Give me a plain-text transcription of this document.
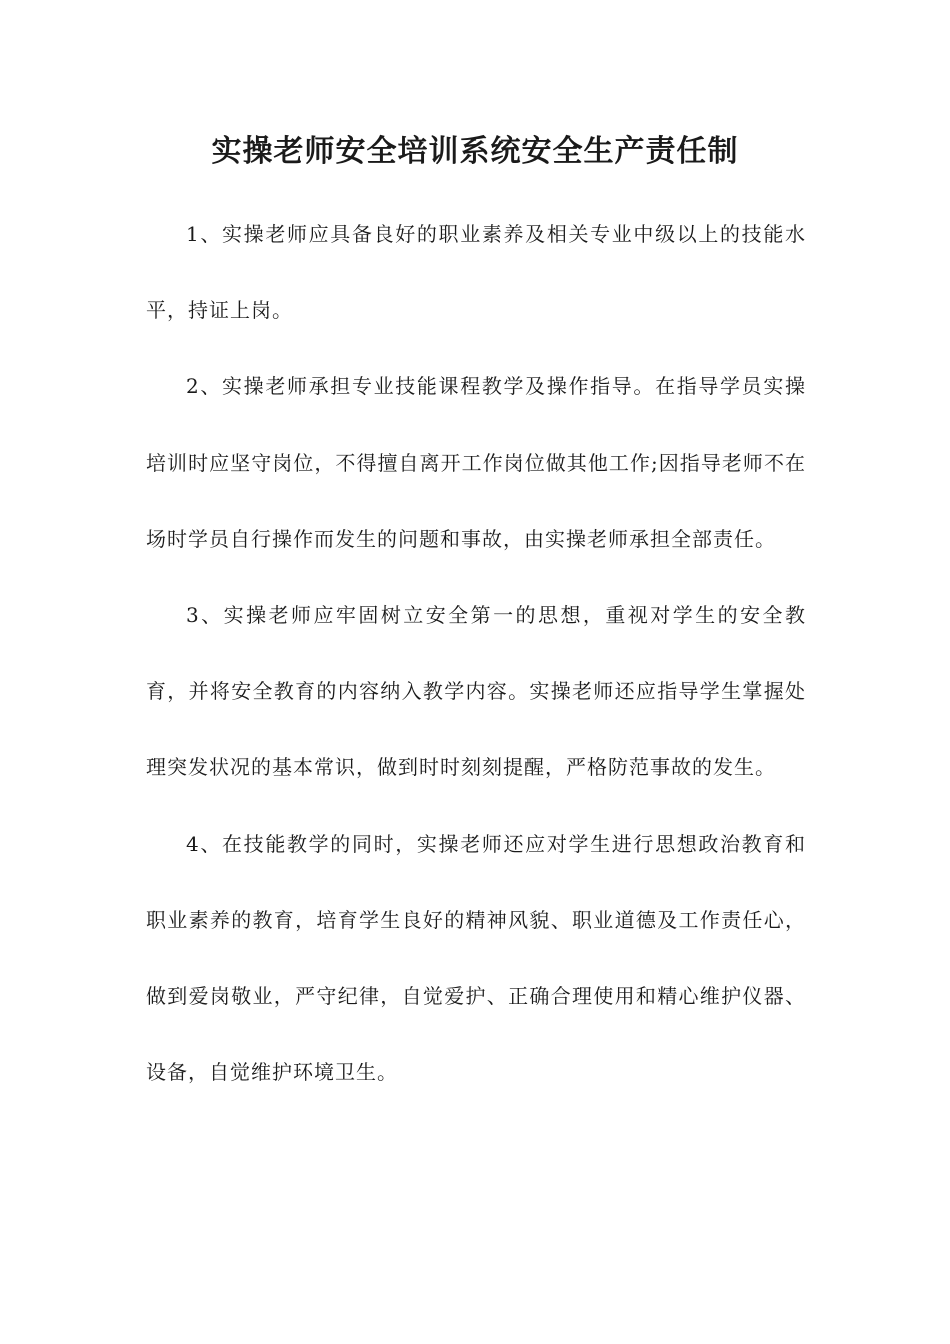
实操老师安全培训系统安全生产责任制

1、实操老师应具备良好的职业素养及相关专业中级以上的技能水平，持证上岗。

2、实操老师承担专业技能课程教学及操作指导。在指导学员实操培训时应坚守岗位，不得擅自离开工作岗位做其他工作;因指导老师不在场时学员自行操作而发生的问题和事故，由实操老师承担全部责任。

3、实操老师应牢固树立安全第一的思想，重视对学生的安全教育，并将安全教育的内容纳入教学内容。实操老师还应指导学生掌握处理突发状况的基本常识，做到时时刻刻提醒，严格防范事故的发生。

4、在技能教学的同时，实操老师还应对学生进行思想政治教育和职业素养的教育，培育学生良好的精神风貌、职业道德及工作责任心，做到爱岗敬业，严守纪律，自觉爱护、正确合理使用和精心维护仪器、设备，自觉维护环境卫生。
